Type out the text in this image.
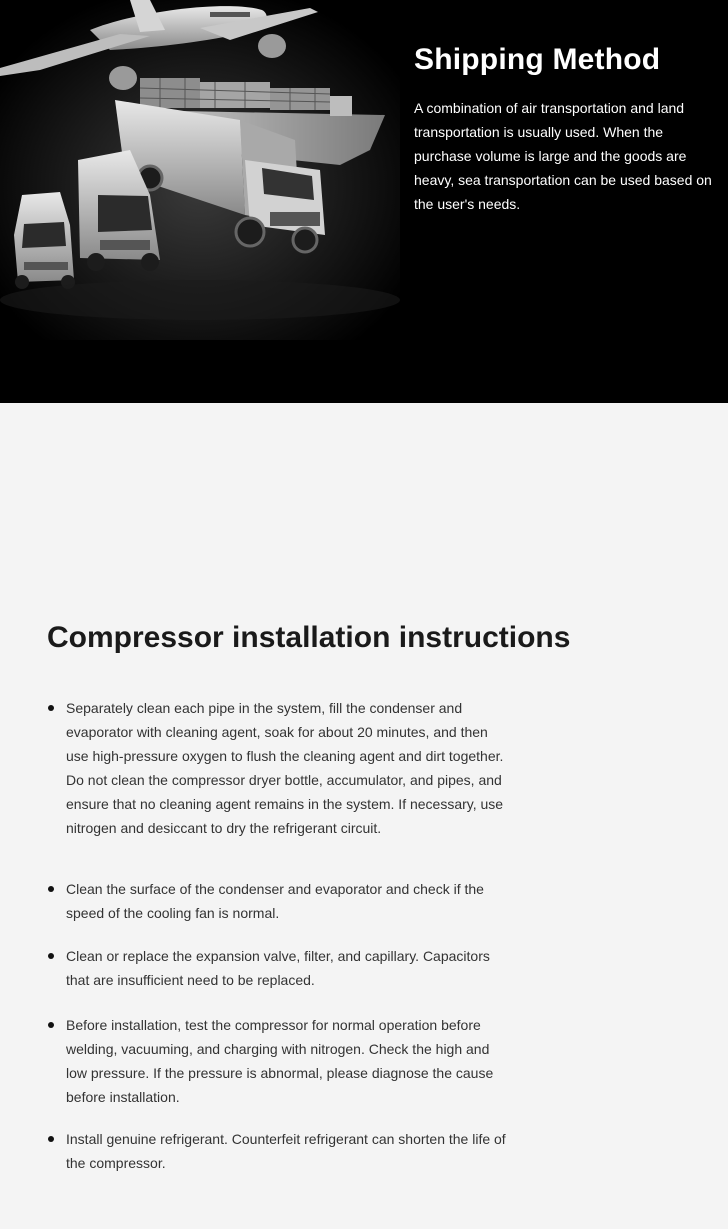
Shipping Method

A combination of air transportation and land transportation is usually used. When the purchase volume is large and the goods are heavy, sea transportation can be used based on the user's needs.

Compressor installation instructions
Separately clean each pipe in the system, fill the condenser and evaporator with cleaning agent, soak for about 20 minutes, and then use high-pressure oxygen to flush the cleaning agent and dirt together. Do not clean the compressor dryer bottle, accumulator, and pipes, and ensure that no cleaning agent remains in the system. If necessary, use nitrogen and desiccant to dry the refrigerant circuit.
Clean the surface of the condenser and evaporator and check if the speed of the cooling fan is normal.
Clean or replace the expansion valve, filter, and capillary. Capacitors that are insufficient need to be replaced.
Before installation, test the compressor for normal operation before welding, vacuuming, and charging with nitrogen. Check the high and low pressure. If the pressure is abnormal, please diagnose the cause before installation.
Install genuine refrigerant. Counterfeit refrigerant can shorten the life of the compressor.
